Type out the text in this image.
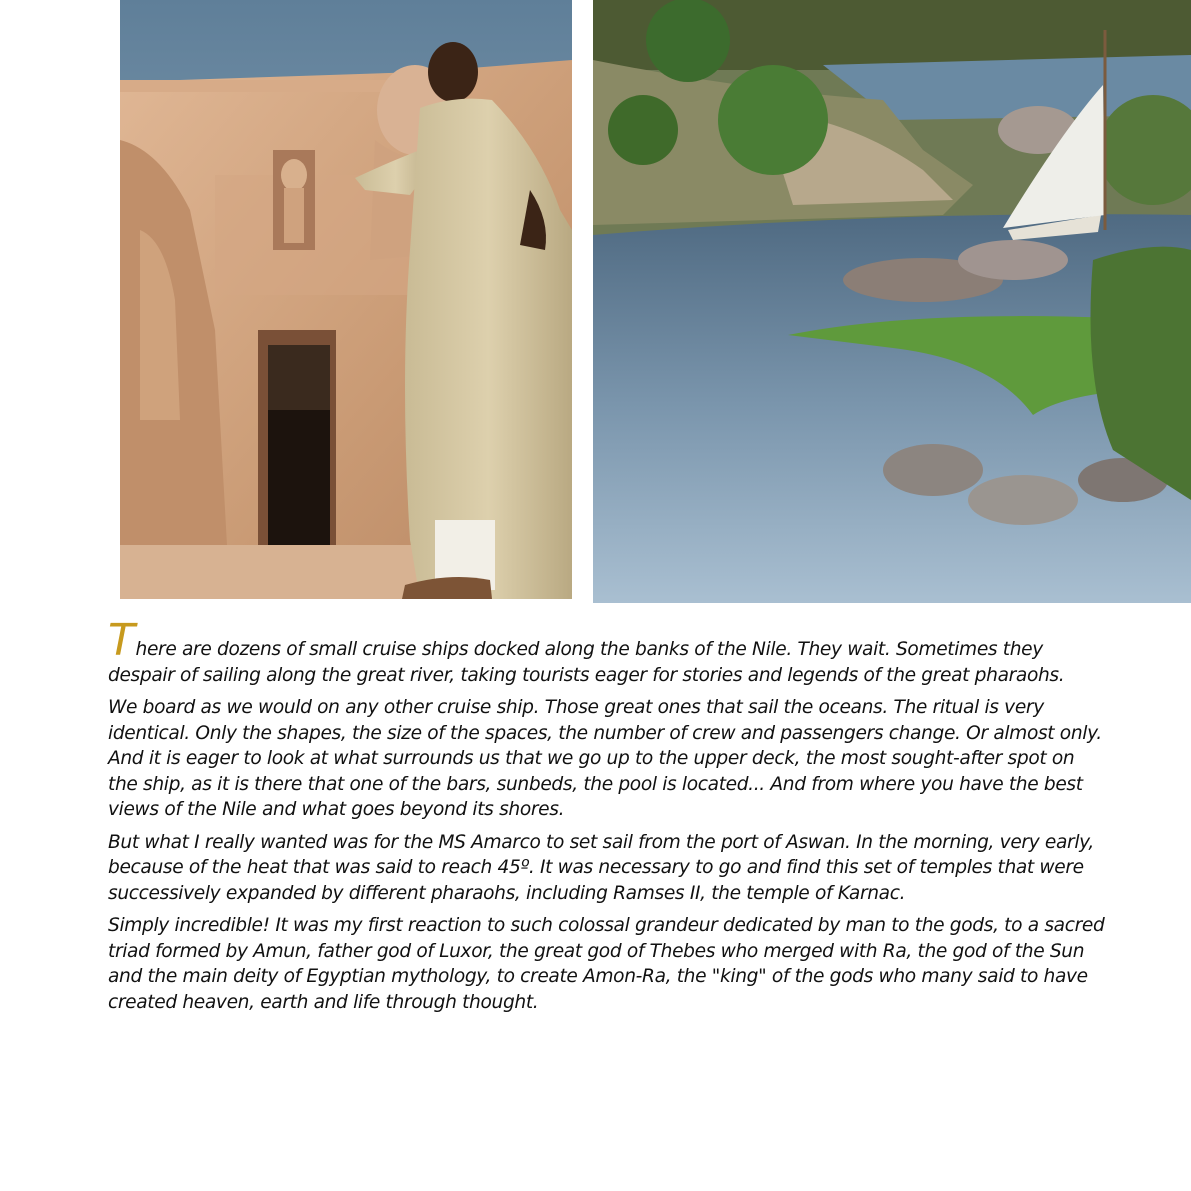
There are dozens of small cruise ships docked along the banks of the Nile. They wait. Sometimes they despair of sailing along the great river, taking tourists eager for stories and legends of the great pharaohs.

We board as we would on any other cruise ship. Those great ones that sail the oceans. The ritual is very identical. Only the shapes, the size of the spaces, the number of crew and passengers change. Or almost only. And it is eager to look at what surrounds us that we go up to the upper deck, the most sought-after spot on the ship, as it is there that one of the bars, sunbeds, the pool is located... And from where you have the best views of the Nile and what goes beyond its shores.

But what I really wanted was for the MS Amarco to set sail from the port of Aswan. In the morning, very early, because of the heat that was said to reach 45º. It was necessary to go and find this set of temples that were successively expanded by different pharaohs, including Ramses II, the temple of Karnac.

Simply incredible! It was my first reaction to such colossal grandeur dedicated by man to the gods, to a sacred triad formed by Amun, father god of Luxor, the great god of Thebes who merged with Ra, the god of the Sun and the main deity of Egyptian mythology, to create Amon-Ra, the "king" of the gods who many said to have created heaven, earth and life through thought.
